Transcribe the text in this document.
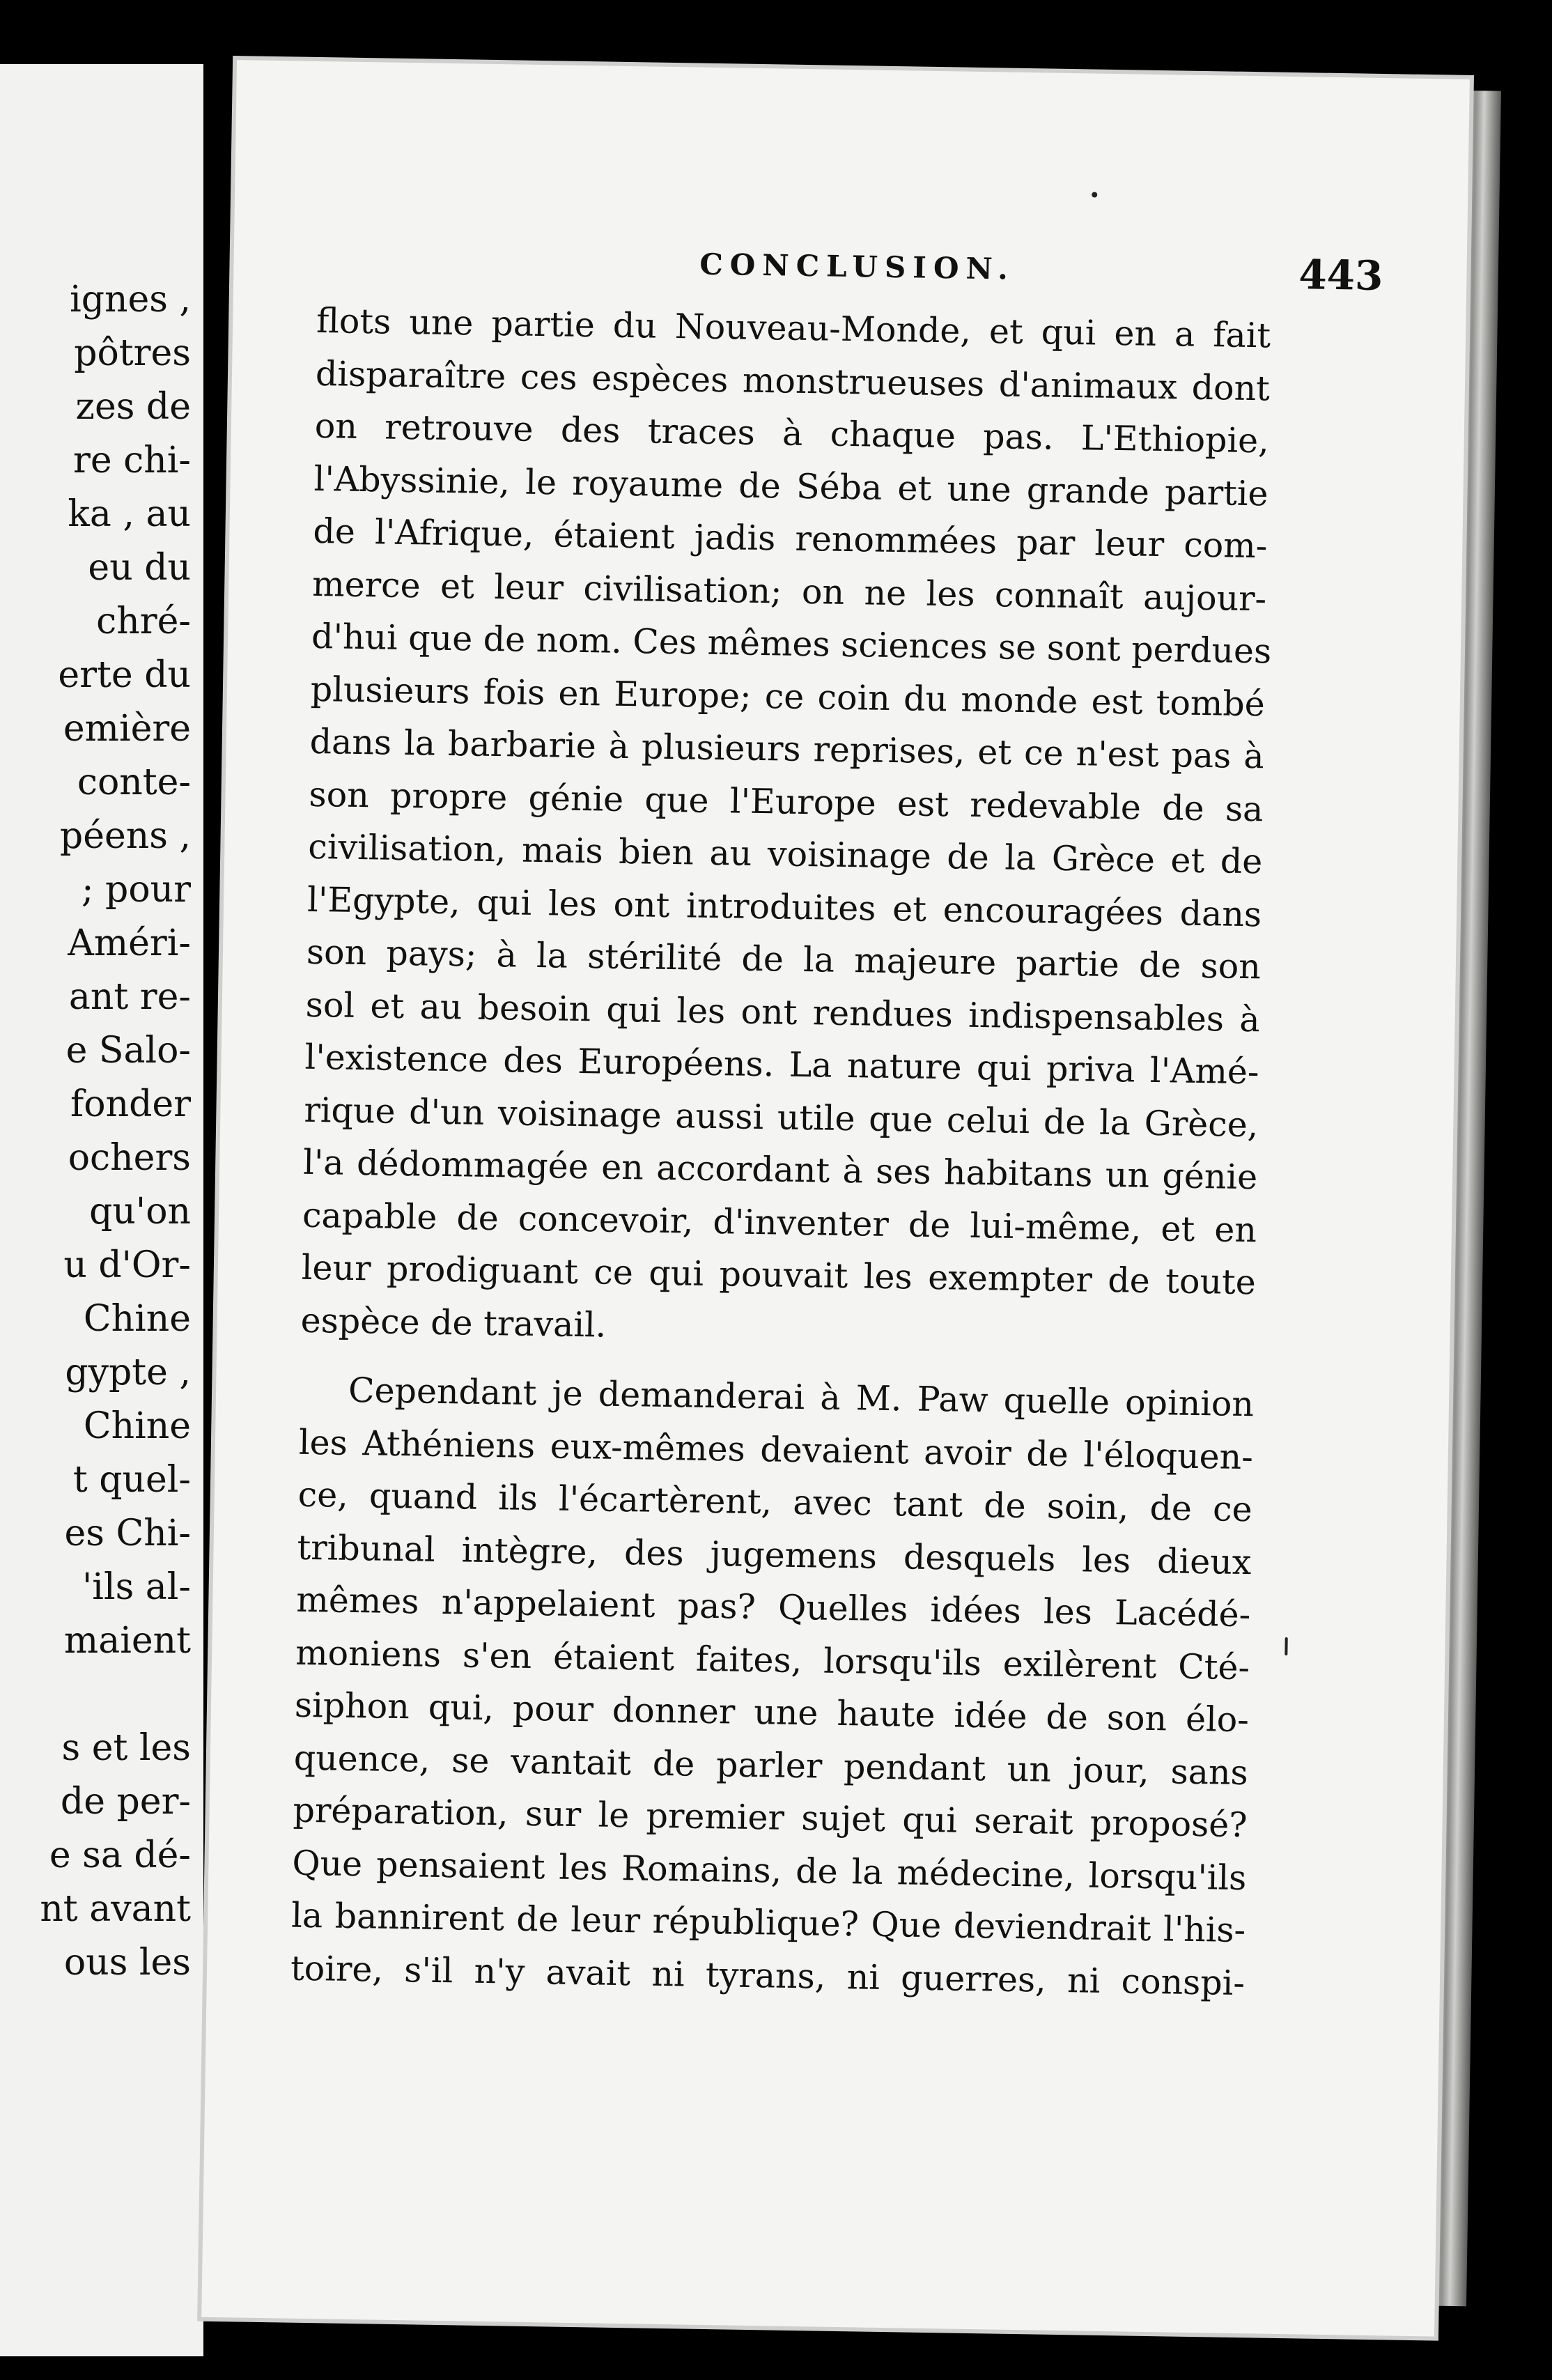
ignes ,
pôtres
zes de
re chi-
ka , au
eu du
chré-
erte du
emière
conte-
péens ,
; pour
Améri-
ant re-
e Salo-
fonder
ochers
qu'on
u d'Or-
Chine
gypte ,
Chine
t quel-
es Chi-
'ils al-
maient
s et les
de per-
e sa dé-
nt avant
ous les
CONCLUSION.	443
flots une partie du Nouveau-Monde, et qui en a fait
disparaître ces espèces monstrueuses d'animaux dont
on retrouve des traces à chaque pas. L'Ethiopie,
l'Abyssinie, le royaume de Séba et une grande partie
de l'Afrique, étaient jadis renommées par leur com-
merce et leur civilisation; on ne les connaît aujour-
d'hui que de nom. Ces mêmes sciences se sont perdues
plusieurs fois en Europe; ce coin du monde est tombé
dans la barbarie à plusieurs reprises, et ce n'est pas à
son propre génie que l'Europe est redevable de sa
civilisation, mais bien au voisinage de la Grèce et de
l'Egypte, qui les ont introduites et encouragées dans
son pays; à la stérilité de la majeure partie de son
sol et au besoin qui les ont rendues indispensables à
l'existence des Européens. La nature qui priva l'Amé-
rique d'un voisinage aussi utile que celui de la Grèce,
l'a dédommagée en accordant à ses habitans un génie
capable de concevoir, d'inventer de lui-même, et en
leur prodiguant ce qui pouvait les exempter de toute
espèce de travail.
Cependant je demanderai à M. Paw quelle opinion
les Athéniens eux-mêmes devaient avoir de l'éloquen-
ce, quand ils l'écartèrent, avec tant de soin, de ce
tribunal intègre, des jugemens desquels les dieux
mêmes n'appelaient pas? Quelles idées les Lacédé-
moniens s'en étaient faites, lorsqu'ils exilèrent Cté-
siphon qui, pour donner une haute idée de son élo-
quence, se vantait de parler pendant un jour, sans
préparation, sur le premier sujet qui serait proposé?
Que pensaient les Romains, de la médecine, lorsqu'ils
la bannirent de leur république? Que deviendrait l'his-
toire, s'il n'y avait ni tyrans, ni guerres, ni conspi-
